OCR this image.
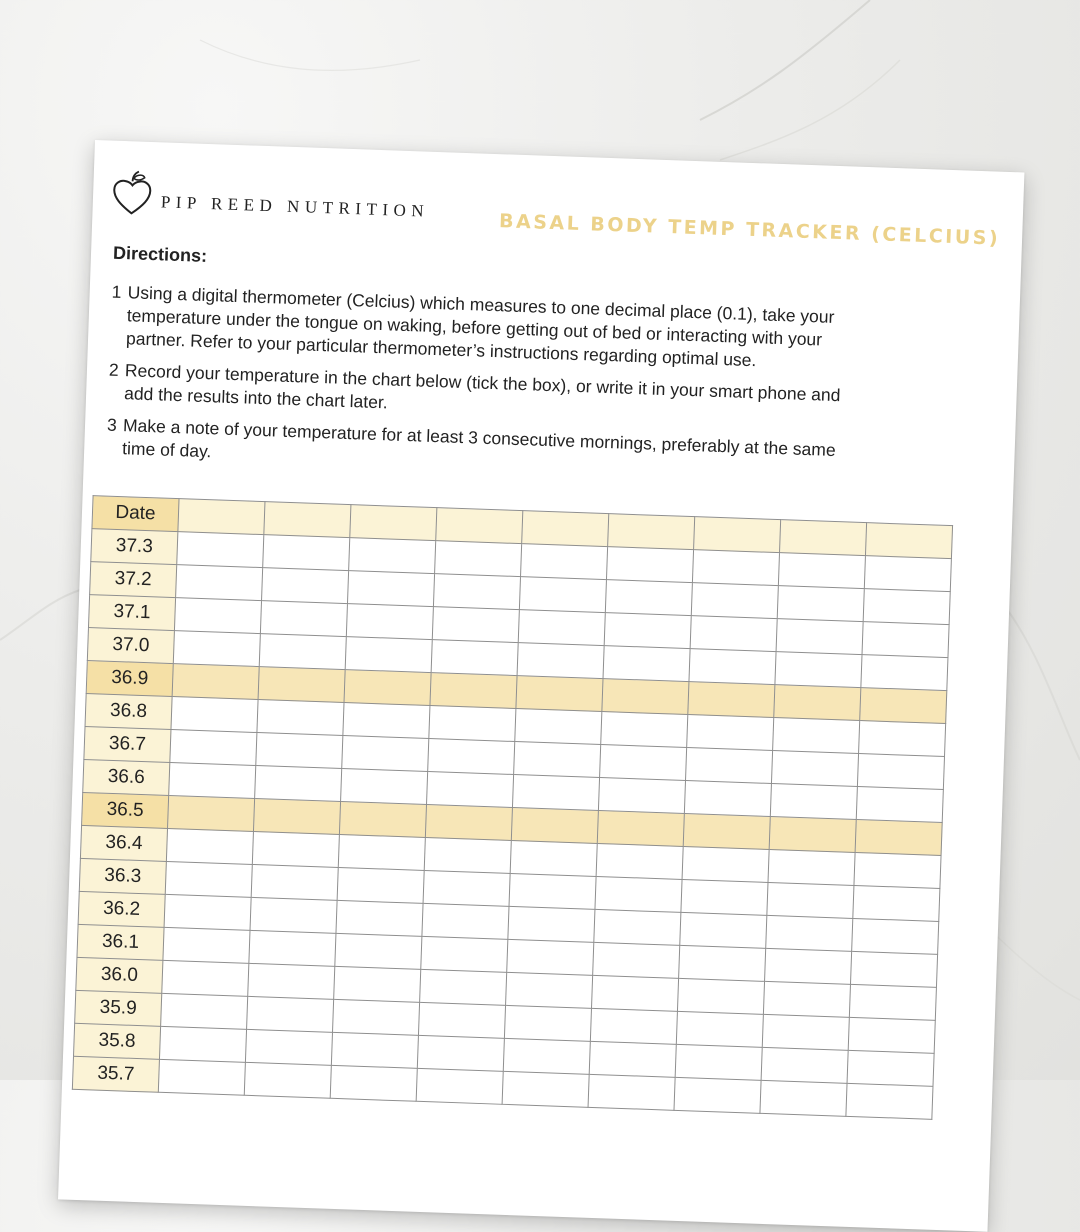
PIP REED NUTRITION
BASAL BODY TEMP TRACKER (CELCIUS)
Directions:
1 Using a digital thermometer (Celcius) which measures to one decimal place (0.1), take your temperature under the tongue on waking, before getting out of bed or interacting with your partner. Refer to your particular thermometer’s instructions regarding optimal use.
2 Record your temperature in the chart below (tick the box), or write it in your smart phone and add the results into the chart later.
3 Make a note of your temperature for at least 3 consecutive mornings, preferably at the same time of day.
Date									
37.3									
37.2									
37.1									
37.0									
36.9									
36.8									
36.7									
36.6									
36.5									
36.4									
36.3									
36.2									
36.1									
36.0									
35.9									
35.8									
35.7									
